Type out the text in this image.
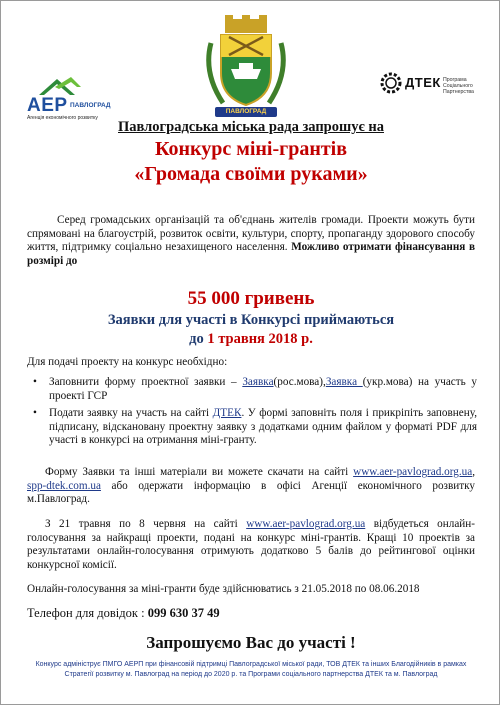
АЕР ПАВЛОГРАД
Агенція економічного розвитку
ПАВЛОГРАД
ДТЕК Програма Соціального Партнерства
Павлоградська міська рада запрошує на
Конкурс міні-грантів
«Громада своїми руками»
Серед громадських організацій та об'єднань жителів громади. Проекти можуть бути спрямовані на благоустрій, розвиток освіти, культури, спорту, пропаганду здорового способу життя, підтримку соціально незахищеного населення. Можливо отримати фінансування в розмірі до
55 000 гривень
Заявки для участі в Конкурсі приймаються
до 1 травня 2018 р.
Для подачі проекту на конкурс необхідно:
• Заповнити форму проектної заявки – Заявка(рос.мова),Заявка (укр.мова) на участь у проекті ГСР
• Подати заявку на участь на сайті ДТЕК. У формі заповніть поля і прикріпіть заповнену, підписану, відскановану проектну заявку з додатками одним файлом у форматі PDF для участі в конкурсі на отримання міні-гранту.
Форму Заявки та інші матеріали ви можете скачати на сайті www.aer-pavlograd.org.ua, spp-dtek.com.ua або одержати інформацію в офісі Агенції економічного розвитку м.Павлоград.
З 21 травня по 8 червня на сайті www.aer-pavlograd.org.ua відбудеться онлайн-голосування за найкращі проекти, подані на конкурс міні-грантів. Кращі 10 проектів за результатами онлайн-голосування отримують додатково 5 балів до рейтингової оцінки конкурсної комісії.
Онлайн-голосування за міні-гранти буде здійснюватись з 21.05.2018 по 08.06.2018
Телефон для довідок : 099 630 37 49
Запрошуємо Вас до участі !
Конкурс адмініструє ПМГО АЕРП при фінансовій підтримці Павлоградської міської ради, ТОВ ДТЕК та інших Благодійників в рамках Стратегії розвитку м. Павлоград на період до 2020 р. та Програми соціального партнерства ДТЕК та м. Павлоград
